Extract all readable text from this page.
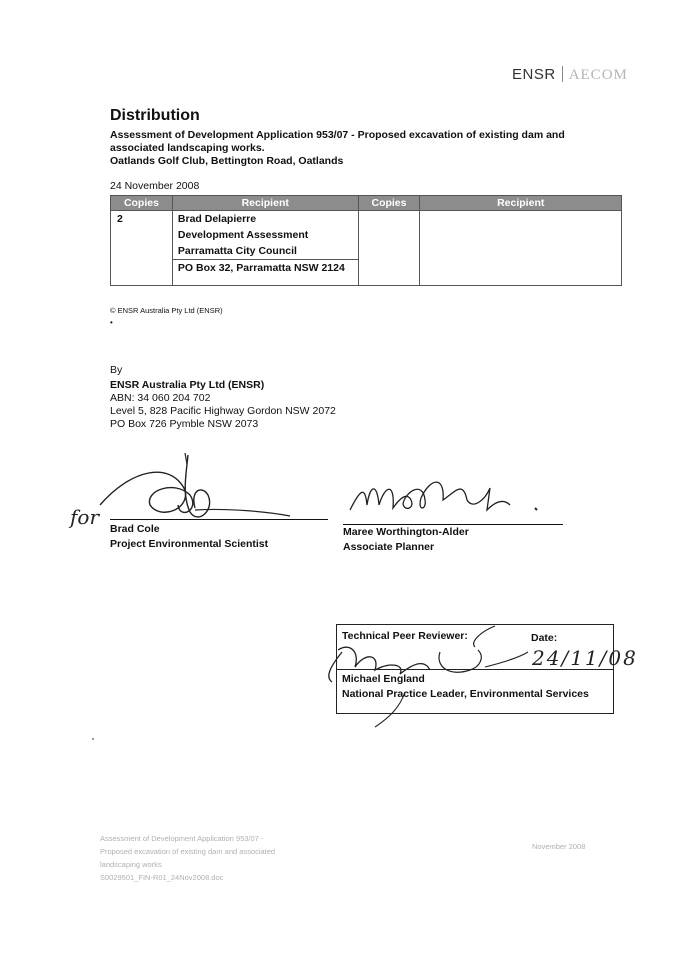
ENSR AECOM
Distribution
Assessment of Development Application 953/07 - Proposed excavation of existing dam and associated landscaping works.
Oatlands Golf Club, Bettington Road, Oatlands
24 November 2008
Copies	Recipient	Copies	Recipient
2	Brad Delapierre
Development Assessment
Parramatta City Council
PO Box 32, Parramatta NSW 2124		

© ENSR Australia Pty Ltd (ENSR)
•
By
ENSR Australia Pty Ltd (ENSR)
ABN: 34 060 204 702
Level 5, 828 Pacific Highway Gordon NSW 2072
PO Box 726 Pymble NSW 2073
for Brad Cole
Project Environmental Scientist
Maree Worthington-Alder
Associate Planner
Technical Peer Reviewer:	Date:
24/11/08
Michael England
National Practice Leader, Environmental Services
Assessment of Development Application 953/07 -
Proposed excavation of existing dam and associated
landscaping works
S0029501_FIN-R01_24Nov2008.doc
November 2008
